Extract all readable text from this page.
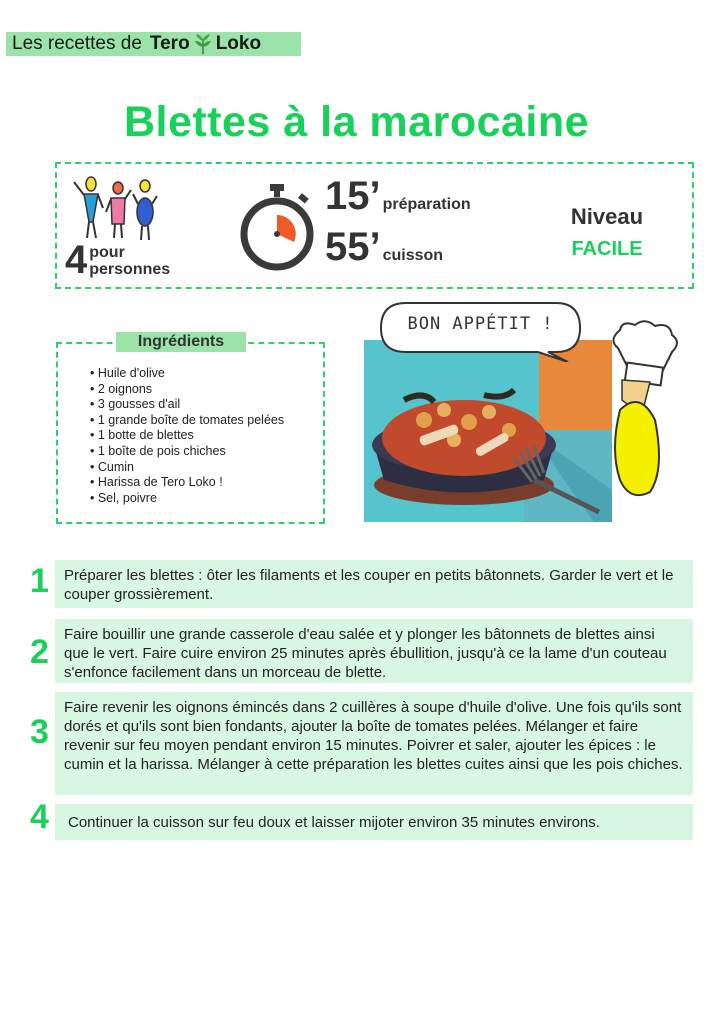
Les recettes de Tero Loko
Blettes à la marocaine
4 pour
personnes
15’ préparation
55’ cuisson
Niveau
FACILE
• Huile d'olive
• 2 oignons
• 3 gousses d'ail
• 1 grande boîte de tomates pelées
• 1 botte de blettes
• 1 boîte de pois chiches
• Cumin
• Harissa de Tero Loko !
• Sel, poivre
Ingrédients
BON APPÉTIT !
1	Préparer les blettes : ôter les filaments et les couper en petits bâtonnets. Garder le vert et le couper grossièrement.
2	Faire bouillir une grande casserole d'eau salée et y plonger les bâtonnets de blettes ainsi que le vert. Faire cuire environ 25 minutes après ébullition, jusqu'à ce la lame d'un couteau s'enfonce facilement dans un morceau de blette.
3
Faire revenir les oignons émincés dans 2 cuillères à soupe d'huile d'olive. Une fois qu'ils sont dorés et qu'ils sont bien fondants, ajouter la boîte de tomates pelées. Mélanger et faire revenir sur feu moyen pendant environ 15 minutes. Poivrer et saler, ajouter les épices : le cumin et la harissa. Mélanger à cette préparation les blettes cuites ainsi que les pois chiches.
4	Continuer la cuisson sur feu doux et laisser mijoter environ 35 minutes environs.
